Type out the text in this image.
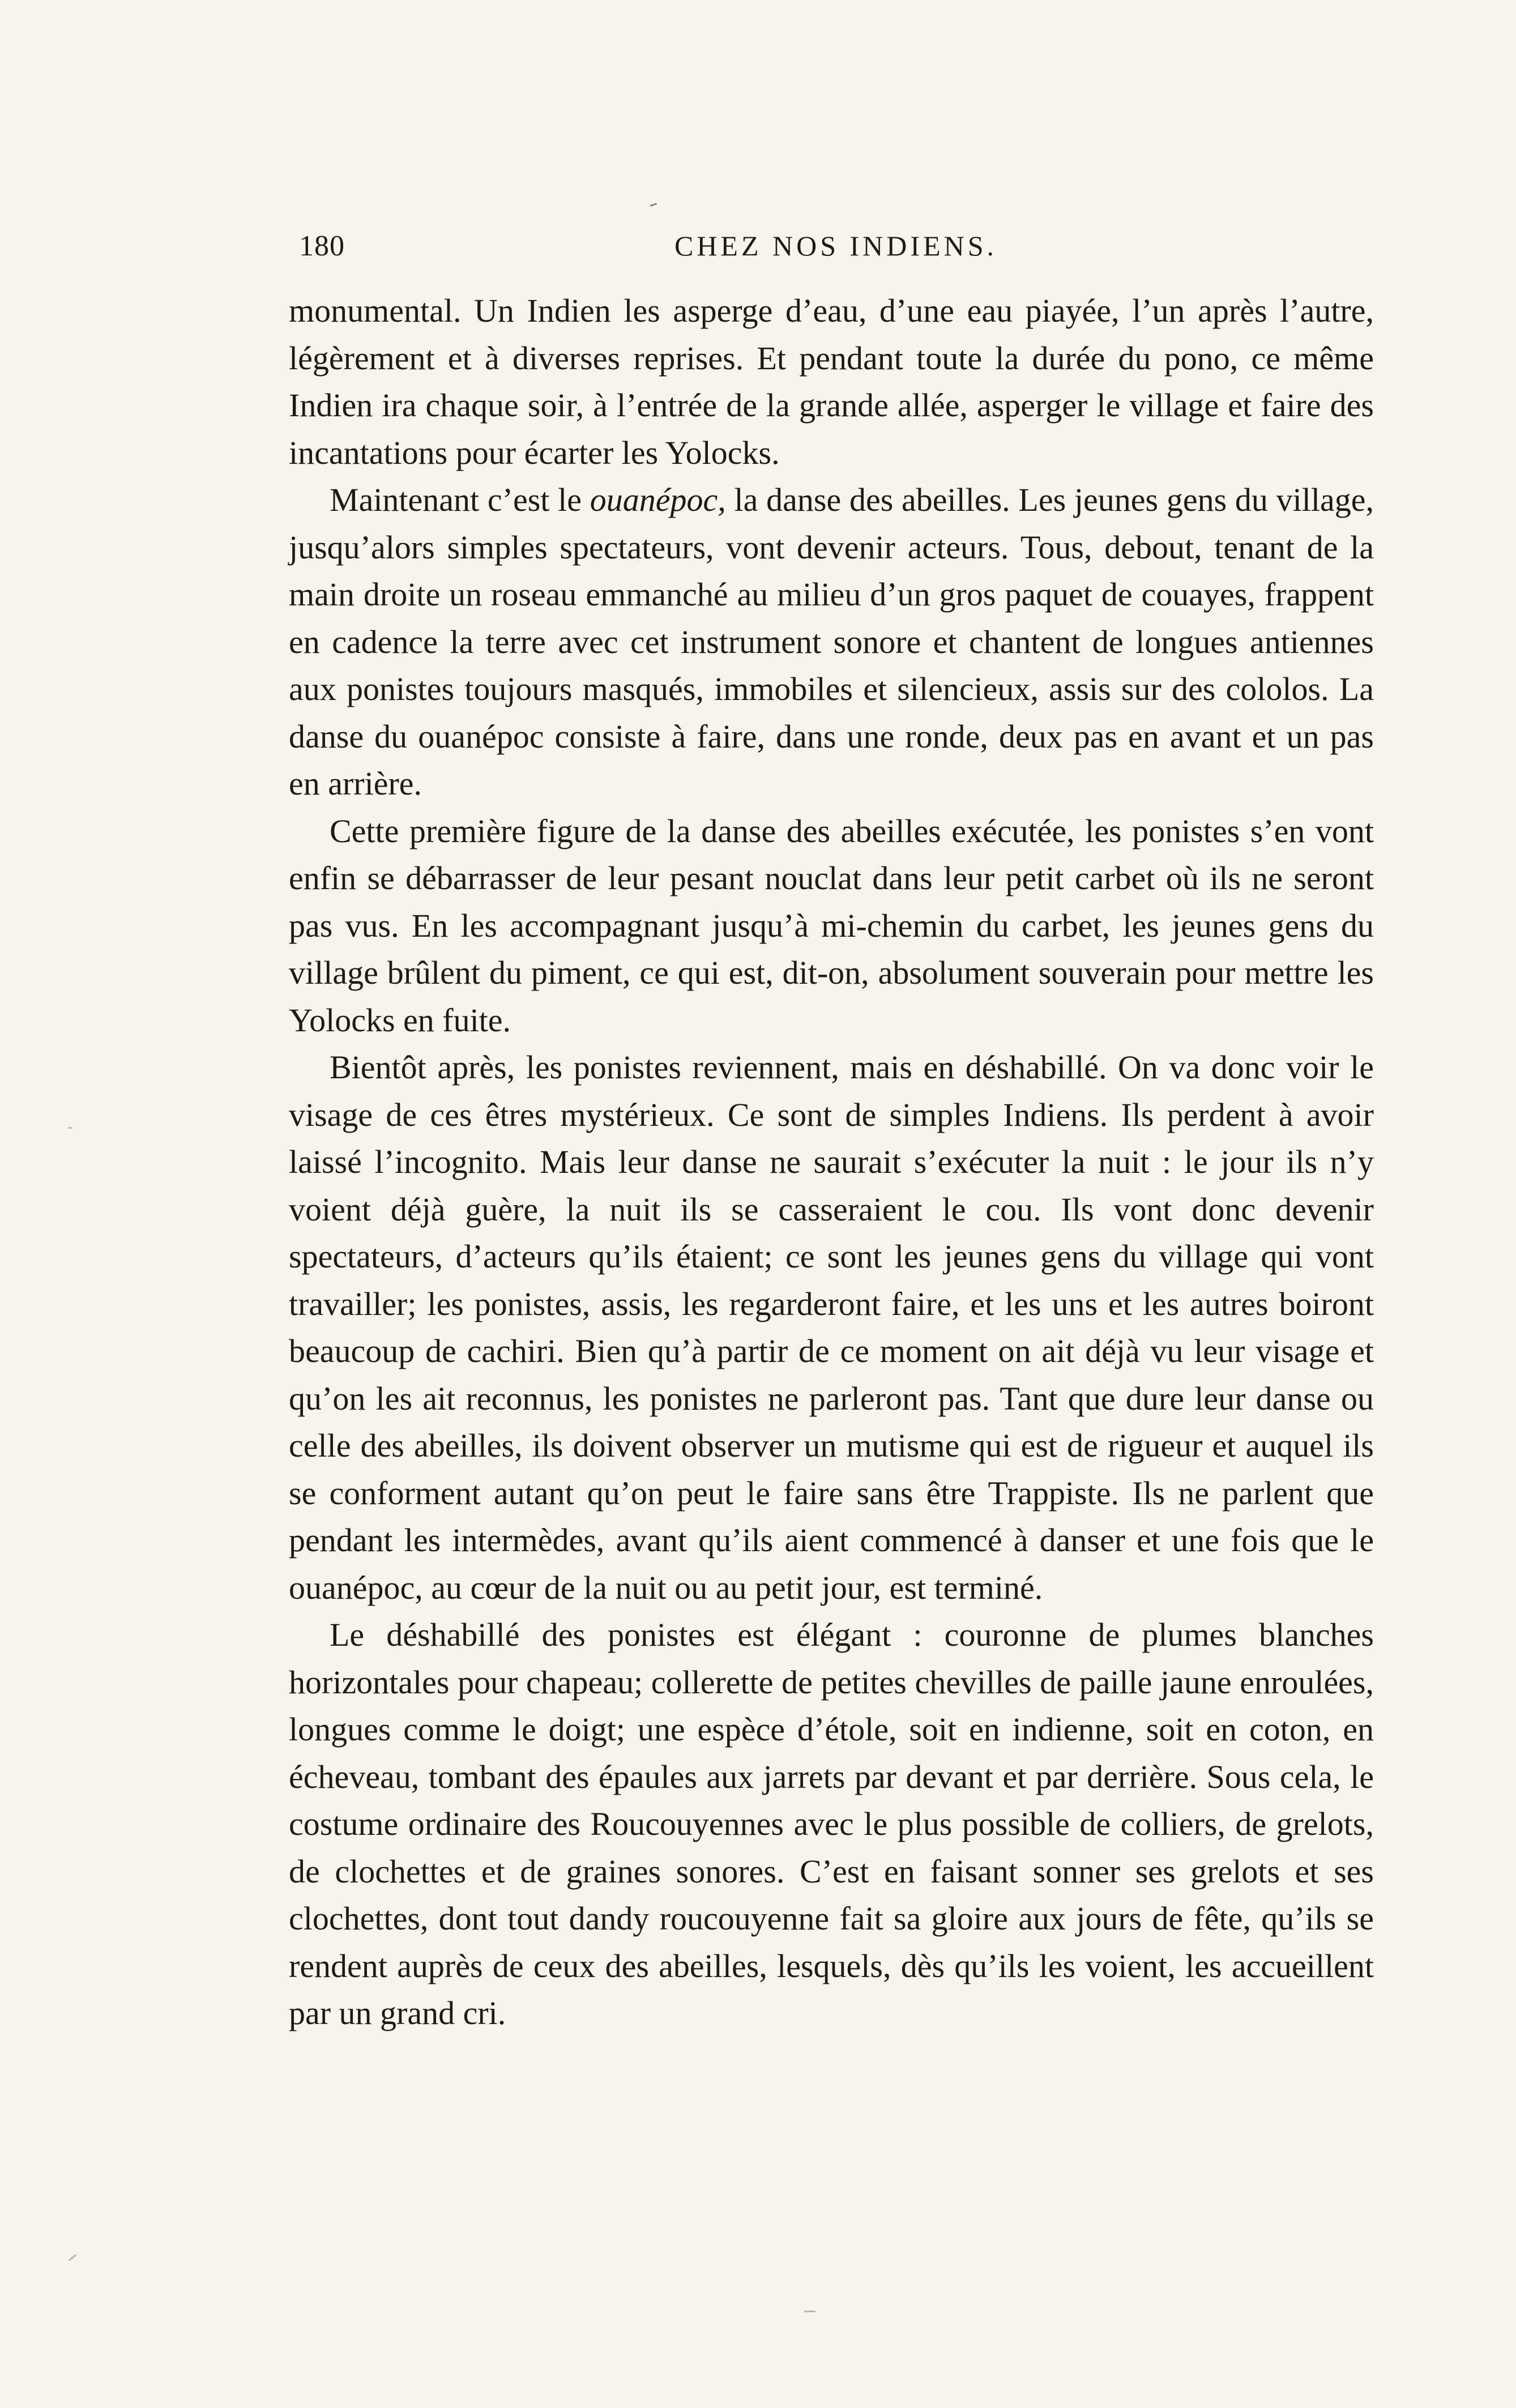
180	CHEZ NOS INDIENS.

monumental. Un Indien les asperge d’eau, d’une eau piayée, l’un après l’autre, légèrement et à diverses reprises. Et pendant toute la durée du pono, ce même Indien ira chaque soir, à l’entrée de la grande allée, asperger le village et faire des incantations pour écarter les Yolocks.

Maintenant c’est le ouanépoc, la danse des abeilles. Les jeunes gens du village, jusqu’alors simples spectateurs, vont devenir acteurs. Tous, debout, tenant de la main droite un roseau emmanché au milieu d’un gros paquet de couayes, frappent en cadence la terre avec cet instrument sonore et chantent de longues antiennes aux ponistes toujours masqués, immobiles et silencieux, assis sur des cololos. La danse du ouanépoc consiste à faire, dans une ronde, deux pas en avant et un pas en arrière.

Cette première figure de la danse des abeilles exécutée, les ponistes s’en vont enfin se débarrasser de leur pesant nouclat dans leur petit carbet où ils ne seront pas vus. En les accompagnant jusqu’à mi-chemin du carbet, les jeunes gens du village brûlent du piment, ce qui est, dit-on, absolument souverain pour mettre les Yolocks en fuite.

Bientôt après, les ponistes reviennent, mais en déshabillé. On va donc voir le visage de ces êtres mystérieux. Ce sont de simples Indiens. Ils perdent à avoir laissé l’incognito. Mais leur danse ne saurait s’exécuter la nuit : le jour ils n’y voient déjà guère, la nuit ils se casseraient le cou. Ils vont donc devenir spectateurs, d’acteurs qu’ils étaient; ce sont les jeunes gens du village qui vont travailler; les ponistes, assis, les regarderont faire, et les uns et les autres boiront beaucoup de cachiri. Bien qu’à partir de ce moment on ait déjà vu leur visage et qu’on les ait reconnus, les ponistes ne parleront pas. Tant que dure leur danse ou celle des abeilles, ils doivent observer un mutisme qui est de rigueur et auquel ils se conforment autant qu’on peut le faire sans être Trappiste. Ils ne parlent que pendant les intermèdes, avant qu’ils aient commencé à danser et une fois que le ouanépoc, au cœur de la nuit ou au petit jour, est terminé.

Le déshabillé des ponistes est élégant : couronne de plumes blanches horizontales pour chapeau; collerette de petites chevilles de paille jaune enroulées, longues comme le doigt; une espèce d’étole, soit en indienne, soit en coton, en écheveau, tombant des épaules aux jarrets par devant et par derrière. Sous cela, le costume ordinaire des Roucouyennes avec le plus possible de colliers, de grelots, de clochettes et de graines sonores. C’est en faisant sonner ses grelots et ses clochettes, dont tout dandy roucouyenne fait sa gloire aux jours de fête, qu’ils se rendent auprès de ceux des abeilles, lesquels, dès qu’ils les voient, les accueillent par un grand cri.
